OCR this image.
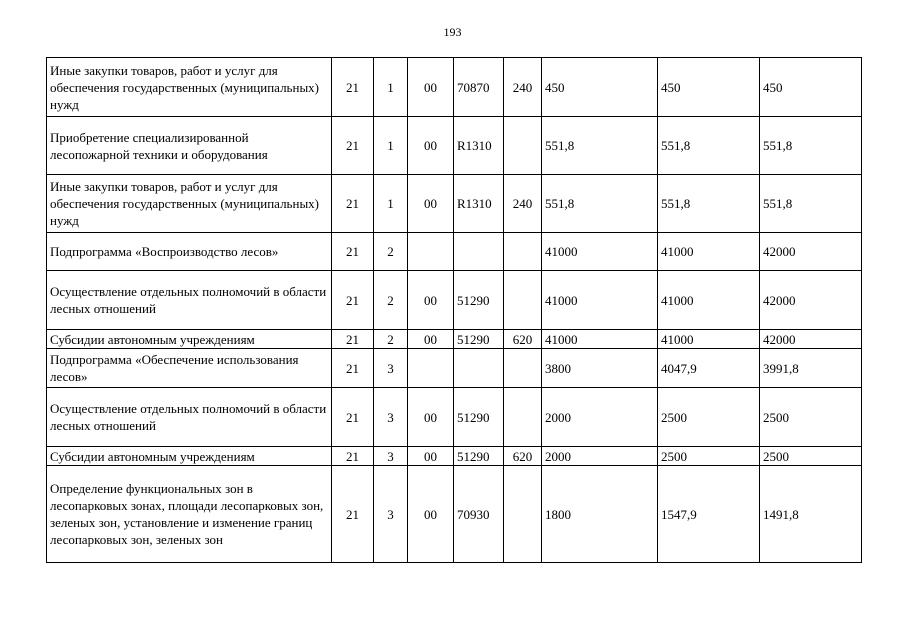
193
Иные закупки товаров, работ и услуг для обеспечения государственных (муниципальных) нужд	21	1	00	70870	240	450	450	450
Приобретение специализированной лесопожарной техники и оборудования	21	1	00	R1310		551,8	551,8	551,8
Иные закупки товаров, работ и услуг для обеспечения государственных (муниципальных) нужд	21	1	00	R1310	240	551,8	551,8	551,8
Подпрограмма «Воспроизводство лесов»	21	2				41000	41000	42000
Осуществление отдельных полномочий в области лесных отношений	21	2	00	51290		41000	41000	42000
Субсидии автономным учреждениям	21	2	00	51290	620	41000	41000	42000
Подпрограмма «Обеспечение использования лесов»	21	3				3800	4047,9	3991,8
Осуществление отдельных полномочий в области лесных отношений	21	3	00	51290		2000	2500	2500
Субсидии автономным учреждениям	21	3	00	51290	620	2000	2500	2500
Определение функциональных зон в лесопарковых зонах, площади лесопарковых зон, зеленых зон, установление и изменение границ лесопарковых зон, зеленых зон	21	3	00	70930		1800	1547,9	1491,8
